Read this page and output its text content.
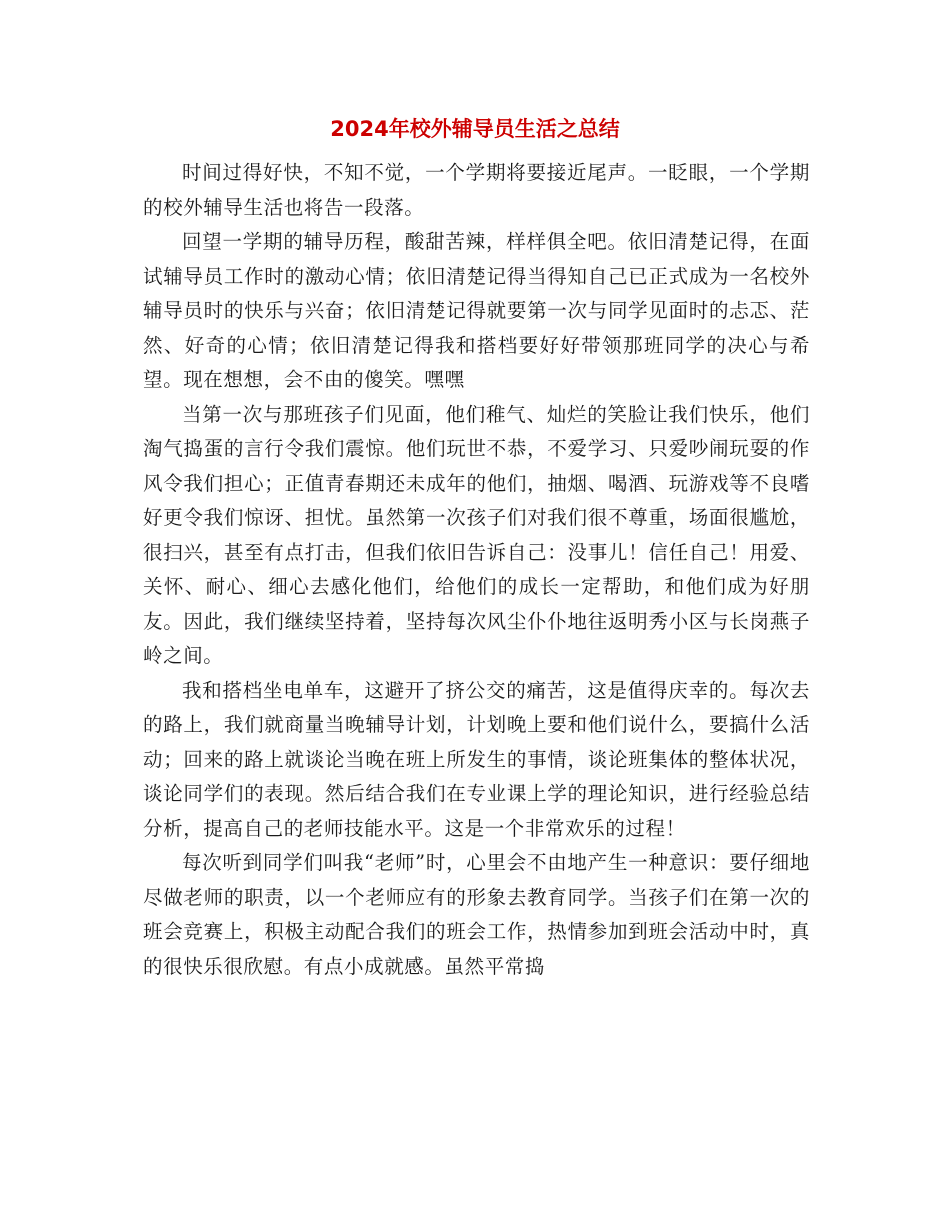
2024年校外辅导员生活之总结

时间过得好快，不知不觉，一个学期将要接近尾声。一眨眼，一个学期的校外辅导生活也将告一段落。

回望一学期的辅导历程，酸甜苦辣，样样俱全吧。依旧清楚记得，在面试辅导员工作时的激动心情；依旧清楚记得当得知自己已正式成为一名校外辅导员时的快乐与兴奋；依旧清楚记得就要第一次与同学见面时的忐忑、茫然、好奇的心情；依旧清楚记得我和搭档要好好带领那班同学的决心与希望。现在想想，会不由的傻笑。嘿嘿

当第一次与那班孩子们见面，他们稚气、灿烂的笑脸让我们快乐，他们淘气捣蛋的言行令我们震惊。他们玩世不恭，不爱学习、只爱吵闹玩耍的作风令我们担心；正值青春期还未成年的他们，抽烟、喝酒、玩游戏等不良嗜好更令我们惊讶、担忧。虽然第一次孩子们对我们很不尊重，场面很尴尬，很扫兴，甚至有点打击，但我们依旧告诉自己：没事儿！信任自己！用爱、关怀、耐心、细心去感化他们，给他们的成长一定帮助，和他们成为好朋友。因此，我们继续坚持着，坚持每次风尘仆仆地往返明秀小区与长岗燕子岭之间。

我和搭档坐电单车，这避开了挤公交的痛苦，这是值得庆幸的。每次去的路上，我们就商量当晚辅导计划，计划晚上要和他们说什么，要搞什么活动；回来的路上就谈论当晚在班上所发生的事情，谈论班集体的整体状况，谈论同学们的表现。然后结合我们在专业课上学的理论知识，进行经验总结分析，提高自己的老师技能水平。这是一个非常欢乐的过程！

每次听到同学们叫我“老师”时，心里会不由地产生一种意识：要仔细地尽做老师的职责，以一个老师应有的形象去教育同学。当孩子们在第一次的班会竞赛上，积极主动配合我们的班会工作，热情参加到班会活动中时，真的很快乐很欣慰。有点小成就感。虽然平常捣
